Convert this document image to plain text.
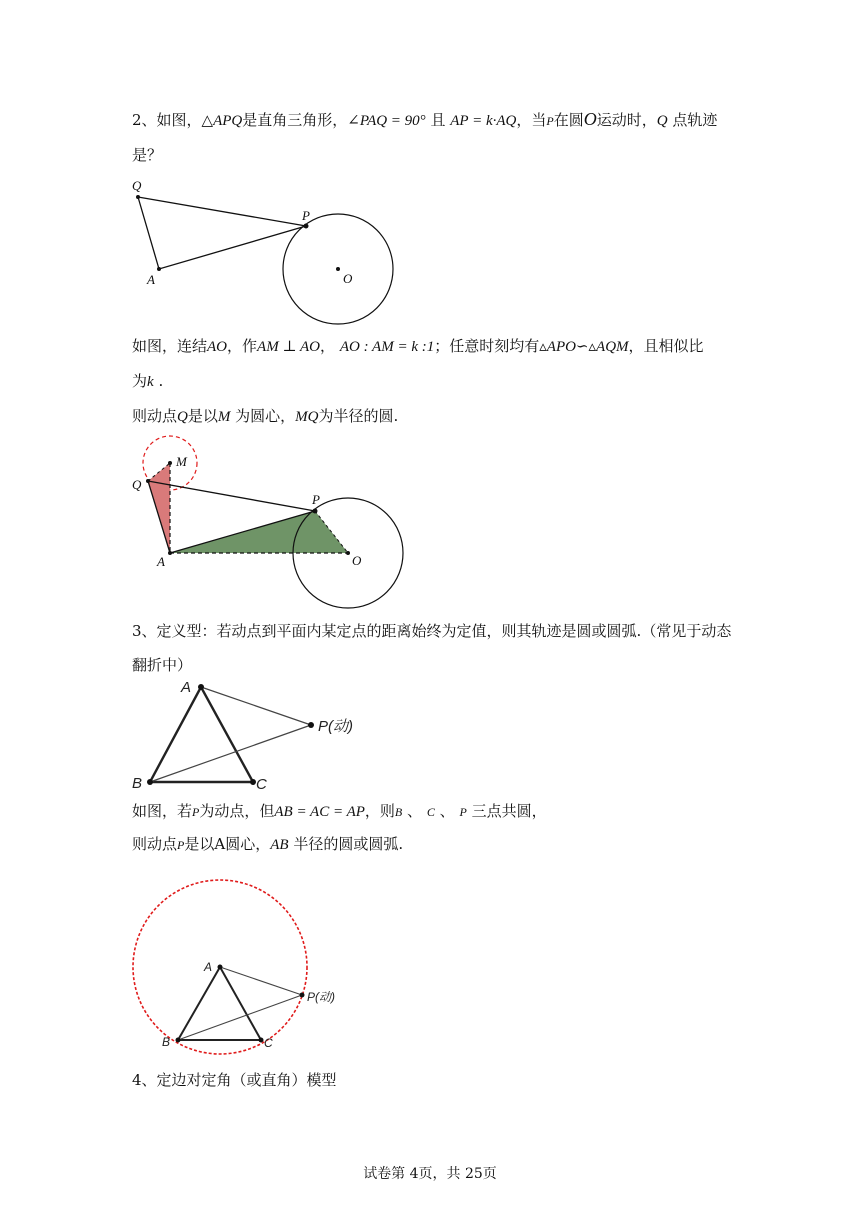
2、如图，△APQ是直角三角形，∠PAQ = 90° 且 AP = k·AQ，当P在圆O运动时，Q 点轨迹
是？
Q
P
A	O
如图，连结AO，作AM ⊥ AO， AO : AM = k :1；任意时刻均有▵APO∽▵AQM，且相似比
为k .
则动点Q是以M 为圆心，MQ为半径的圆.
M
Q
P
A	O
3、定义型：若动点到平面内某定点的距离始终为定值，则其轨迹是圆或圆弧.（常见于动态
翻折中）
A
P(动)
B	C
如图，若P为动点，但AB = AC = AP，则B 、 C 、 P 三点共圆，
则动点P是以A圆心，AB 半径的圆或圆弧.
A
P(动)
B	C
4、定边对定角（或直角）模型
试卷第 4页，共 25页
